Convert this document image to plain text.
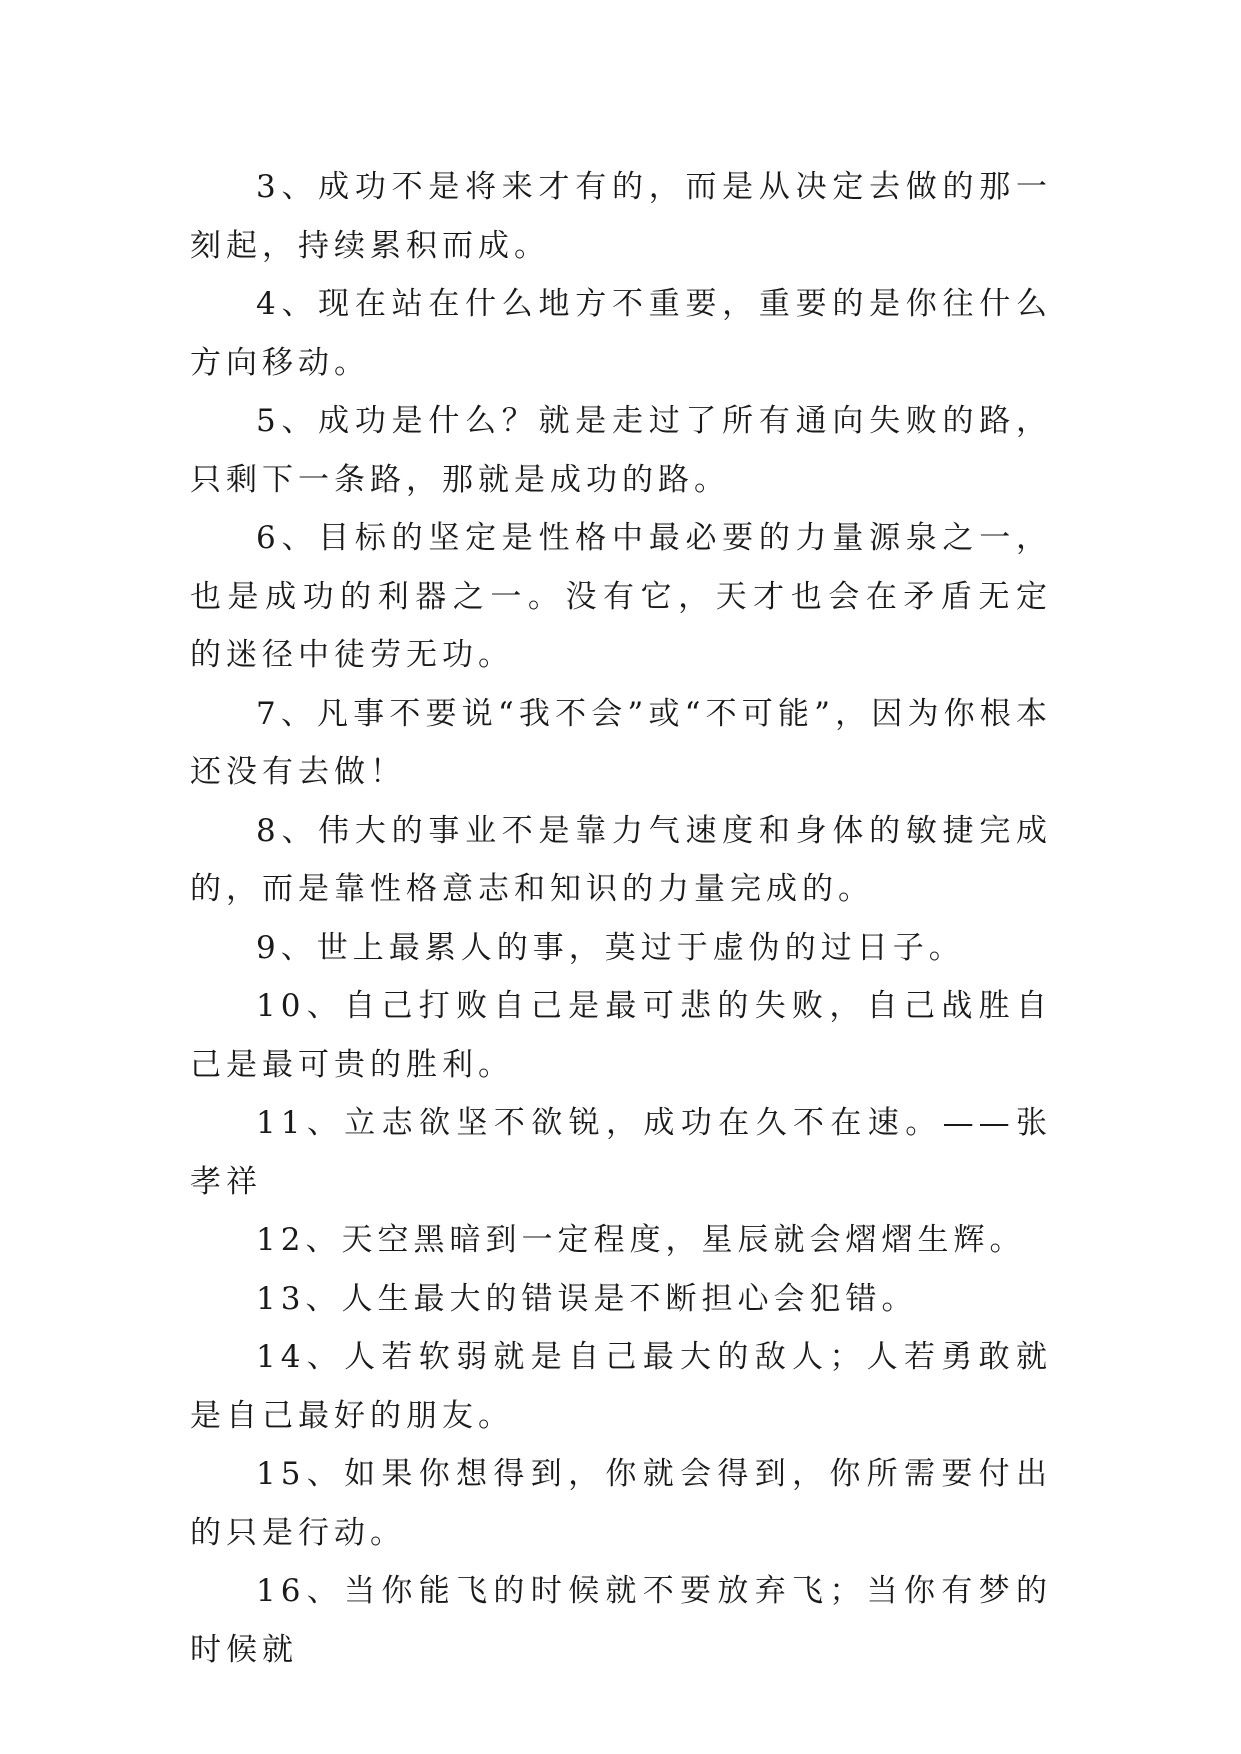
3、成功不是将来才有的，而是从决定去做的那一刻起，持续累积而成。

4、现在站在什么地方不重要，重要的是你往什么方向移动。

5、成功是什么？就是走过了所有通向失败的路，只剩下一条路，那就是成功的路。

6、目标的坚定是性格中最必要的力量源泉之一，也是成功的利器之一。没有它，天才也会在矛盾无定的迷径中徒劳无功。

7、凡事不要说“我不会”或“不可能”，因为你根本还没有去做！

8、伟大的事业不是靠力气速度和身体的敏捷完成的，而是靠性格意志和知识的力量完成的。

9、世上最累人的事，莫过于虚伪的过日子。

10、自己打败自己是最可悲的失败，自己战胜自己是最可贵的胜利。

11、立志欲坚不欲锐，成功在久不在速。——张孝祥

12、天空黑暗到一定程度，星辰就会熠熠生辉。

13、人生最大的错误是不断担心会犯错。

14、人若软弱就是自己最大的敌人；人若勇敢就是自己最好的朋友。

15、如果你想得到，你就会得到，你所需要付出的只是行动。

16、当你能飞的时候就不要放弃飞；当你有梦的时候就
